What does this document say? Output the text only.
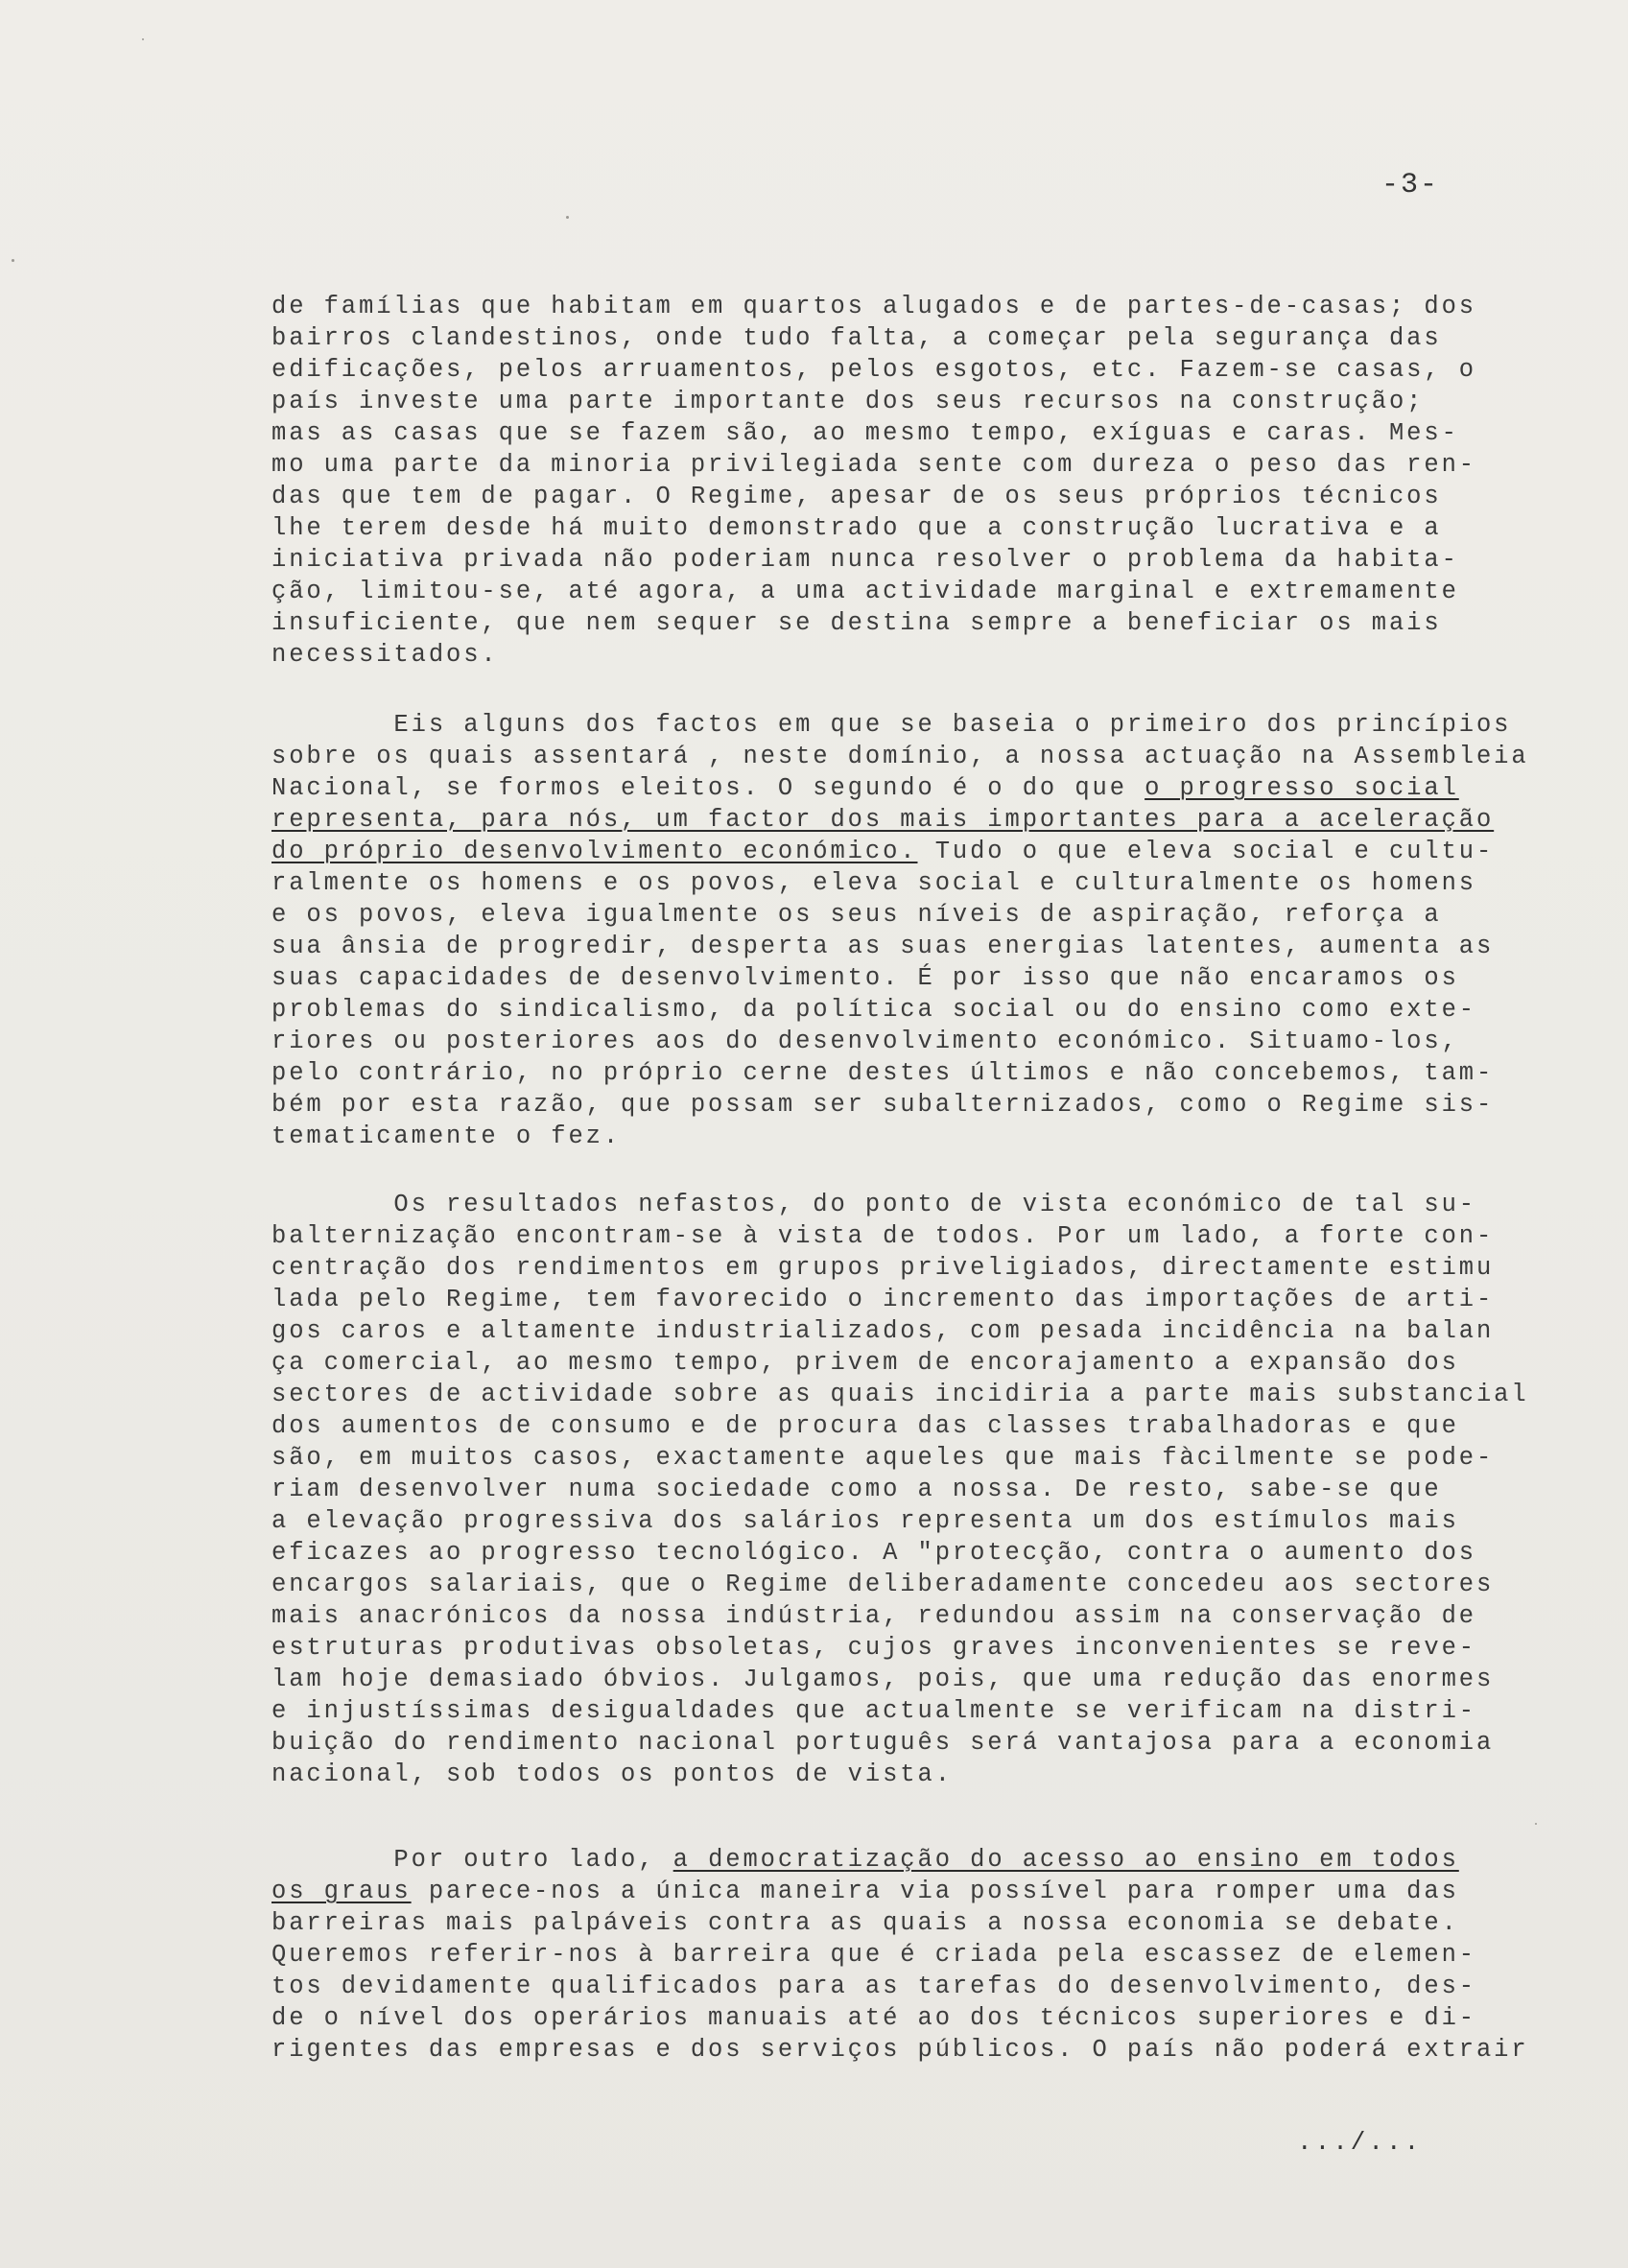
-3-
de famílias que habitam em quartos alugados e de partes-de-casas; dos
bairros clandestinos, onde tudo falta, a começar pela segurança das
edificações, pelos arruamentos, pelos esgotos, etc. Fazem-se casas, o
país investe uma parte importante dos seus recursos na construção;
mas as casas que se fazem são, ao mesmo tempo, exíguas e caras. Mes-
mo uma parte da minoria privilegiada sente com dureza o peso das ren-
das que tem de pagar. O Regime, apesar de os seus próprios técnicos
lhe terem desde há muito demonstrado que a construção lucrativa e a
iniciativa privada não poderiam nunca resolver o problema da habita-
ção, limitou-se, até agora, a uma actividade marginal e extremamente
insuficiente, que nem sequer se destina sempre a beneficiar os mais
necessitados.
Eis alguns dos factos em que se baseia o primeiro dos princípios
sobre os quais assentará , neste domínio, a nossa actuação na Assembleia
Nacional, se formos eleitos. O segundo é o do que o progresso social
representa, para nós, um factor dos mais importantes para a aceleração
do próprio desenvolvimento económico. Tudo o que eleva social e cultu-
ralmente os homens e os povos, eleva social e culturalmente os homens
e os povos, eleva igualmente os seus níveis de aspiração, reforça a
sua ânsia de progredir, desperta as suas energias latentes, aumenta as
suas capacidades de desenvolvimento. É por isso que não encaramos os
problemas do sindicalismo, da política social ou do ensino como exte-
riores ou posteriores aos do desenvolvimento económico. Situamo-los,
pelo contrário, no próprio cerne destes últimos e não concebemos, tam-
bém por esta razão, que possam ser subalternizados, como o Regime sis-
tematicamente o fez.
Os resultados nefastos, do ponto de vista económico de tal su-
balternização encontram-se à vista de todos. Por um lado, a forte con-
centração dos rendimentos em grupos priveligiados, directamente estimu
lada pelo Regime, tem favorecido o incremento das importações de arti-
gos caros e altamente industrializados, com pesada incidência na balan
ça comercial, ao mesmo tempo, privem de encorajamento a expansão dos
sectores de actividade sobre as quais incidiria a parte mais substancial
dos aumentos de consumo e de procura das classes trabalhadoras e que
são, em muitos casos, exactamente aqueles que mais fàcilmente se pode-
riam desenvolver numa sociedade como a nossa. De resto, sabe-se que
a elevação progressiva dos salários representa um dos estímulos mais
eficazes ao progresso tecnológico. A "protecção, contra o aumento dos
encargos salariais, que o Regime deliberadamente concedeu aos sectores
mais anacrónicos da nossa indústria, redundou assim na conservação de
estruturas produtivas obsoletas, cujos graves inconvenientes se reve-
lam hoje demasiado óbvios. Julgamos, pois, que uma redução das enormes
e injustíssimas desigualdades que actualmente se verificam na distri-
buição do rendimento nacional português será vantajosa para a economia
nacional, sob todos os pontos de vista.
Por outro lado, a democratização do acesso ao ensino em todos
os graus parece-nos a única maneira via possível para romper uma das
barreiras mais palpáveis contra as quais a nossa economia se debate.
Queremos referir-nos à barreira que é criada pela escassez de elemen-
tos devidamente qualificados para as tarefas do desenvolvimento, des-
de o nível dos operários manuais até ao dos técnicos superiores e di-
rigentes das empresas e dos serviços públicos. O país não poderá extrair
.../...
